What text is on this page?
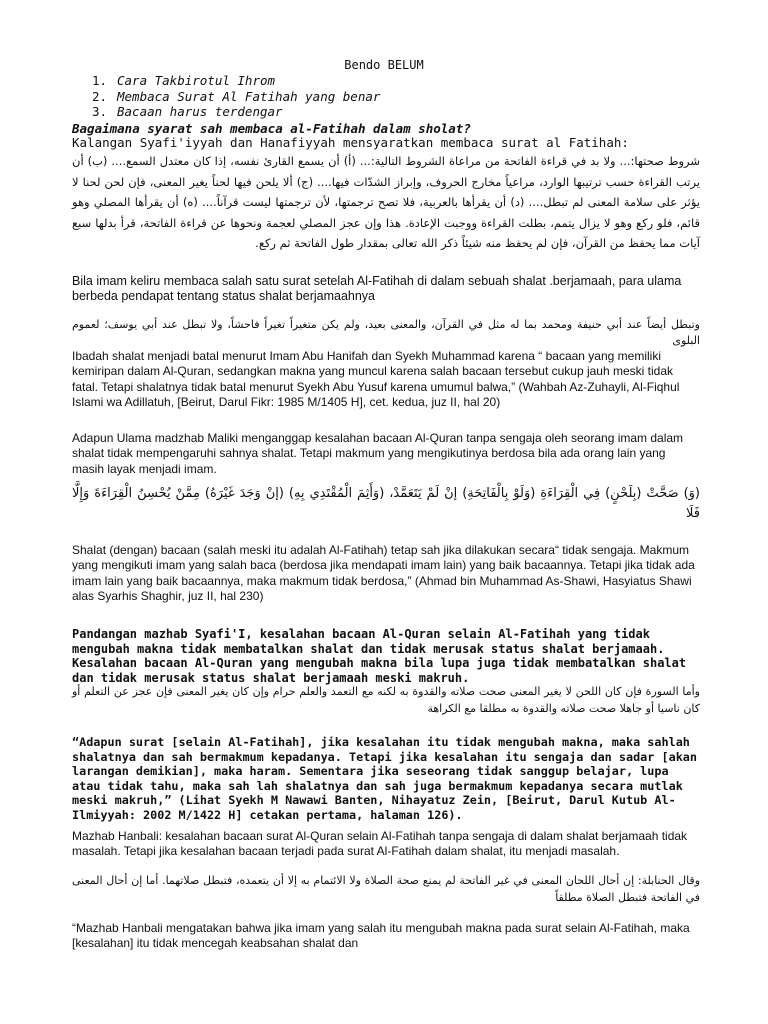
Bendo BELUM
1. Cara Takbirotul Ihrom
2. Membaca Surat Al Fatihah yang benar
3. Bacaan harus terdengar

Bagaimana syarat sah membaca al-Fatihah dalam sholat?

Kalangan Syafi'iyyah dan Hanafiyyah mensyaratkan membaca surat al Fatihah:

شروط صحتها:... ولا بد في قراءة الفاتحة من مراعاة الشروط التالية:... (أ) أن يسمع القارئ نفسه، إذا كان معتدل السمع.... (ب) أن يرتب القراءة حسب ترتيبها الوارد، مراعياً مخارج الحروف، وإبراز الشدّات فيها.... (ج) ألا يلحن فيها لحناً يغير المعنى، فإن لحن لحنا لا يؤثر على سلامة المعنى لم تبطل.... (د) أن يقرأها بالعربية، فلا تصح ترجمتها، لأن ترجمتها ليست قرآناً.... (ه) أن يقرأها المصلي وهو قائم، فلو ركع وهو لا يزال يتمم، بطلت القراءة ووجبت الإعادة. هذا وإن عجز المصلي لعجمة ونحوها عن قراءة الفاتحة، قرأ بدلها سبع آيات مما يحفظ من القرآن، فإن لم يحفظ منه شيئاً ذكر الله تعالى بمقدار طول الفاتحة ثم ركع.

Bila imam keliru membaca salah satu surat setelah Al-Fatihah di dalam sebuah shalat .berjamaah, para ulama berbeda pendapat tentang status shalat berjamaahnya

وتبطل أيضاً عند أبي حنيفة ومحمد بما له مثل في القرآن، والمعنى بعيد، ولم يكن متغيراً تغيراً فاحشاً، ولا تبطل عند أبي يوسف؛ لعموم البلوى

Ibadah shalat menjadi batal menurut Imam Abu Hanifah dan Syekh Muhammad karena “ bacaan yang memiliki kemiripan dalam Al-Quran, sedangkan makna yang muncul karena salah bacaan tersebut cukup jauh meski tidak fatal. Tetapi shalatnya tidak batal menurut Syekh Abu Yusuf karena umumul balwa,” (Wahbah Az-Zuhayli, Al-Fiqhul Islami wa Adillatuh, [Beirut, Darul Fikr: 1985 M/1405 H], cet. kedua, juz II, hal 20)

Adapun Ulama madzhab Maliki menganggap kesalahan bacaan Al-Quran tanpa sengaja oleh seorang imam dalam shalat tidak mempengaruhi sahnya shalat. Tetapi makmum yang mengikutinya berdosa bila ada orang lain yang masih layak menjadi imam.

(وَ) صَحَّتْ (بِلَحْنٍ) فِي الْقِرَاءَةِ (وَلَوْ بِالْفَاتِحَةِ) إنْ لَمْ يَتَعَمَّدْ، (وَأَثِمَ الْمُقْتَدِي بِهِ) (إنْ وَجَدَ غَيْرَهُ) مِمَّنْ يُحْسِنُ الْقِرَاءَةَ وَإِلَّا فَلَا

Shalat (dengan) bacaan (salah meski itu adalah Al-Fatihah) tetap sah jika dilakukan secara“ tidak sengaja. Makmum yang mengikuti imam yang salah baca (berdosa jika mendapati imam lain) yang baik bacaannya. Tetapi jika tidak ada imam lain yang baik bacaannya, maka makmum tidak berdosa,” (Ahmad bin Muhammad As-Shawi, Hasyiatus Shawi alas Syarhis Shaghir, juz II, hal 230)

Pandangan mazhab Syafi'I, kesalahan bacaan Al-Quran selain Al-Fatihah yang tidak mengubah makna tidak membatalkan shalat dan tidak merusak status shalat berjamaah. Kesalahan bacaan Al-Quran yang mengubah makna bila lupa juga tidak membatalkan shalat dan tidak merusak status shalat berjamaah meski makruh.

وأما السورة فإن كان اللحن لا يغير المعنى صحت صلاته والقدوة به لكنه مع التعمد والعلم حرام وإن كان يغير المعنى فإن عجز عن التعلم أو كان ناسيا أو جاهلا صحت صلاته والقدوة به مطلقا مع الكراهة

“Adapun surat [selain Al-Fatihah], jika kesalahan itu tidak mengubah makna, maka sahlah shalatnya dan sah bermakmum kepadanya. Tetapi jika kesalahan itu sengaja dan sadar [akan larangan demikian], maka haram. Sementara jika seseorang tidak sanggup belajar, lupa atau tidak tahu, maka sah lah shalatnya dan sah juga bermakmum kepadanya secara mutlak meski makruh,” (Lihat Syekh M Nawawi Banten, Nihayatuz Zein, [Beirut, Darul Kutub Al-Ilmiyyah: 2002 M/1422 H] cetakan pertama, halaman 126).

Mazhab Hanbali: kesalahan bacaan surat Al-Quran selain Al-Fatihah tanpa sengaja di dalam shalat berjamaah tidak masalah. Tetapi jika kesalahan bacaan terjadi pada surat Al-Fatihah dalam shalat, itu menjadi masalah.

وقال الحنابلة: إن أحال اللحان المعنى في غير الفاتحة لم يمنع صحة الصلاة ولا الائتمام به إلا أن يتعمده، فتبطل صلاتهما. أما إن أحال المعنى في الفاتحة فتبطل الصلاة مطلقاً

“Mazhab Hanbali mengatakan bahwa jika imam yang salah itu mengubah makna pada surat selain Al-Fatihah, maka [kesalahan] itu tidak mencegah keabsahan shalat dan
